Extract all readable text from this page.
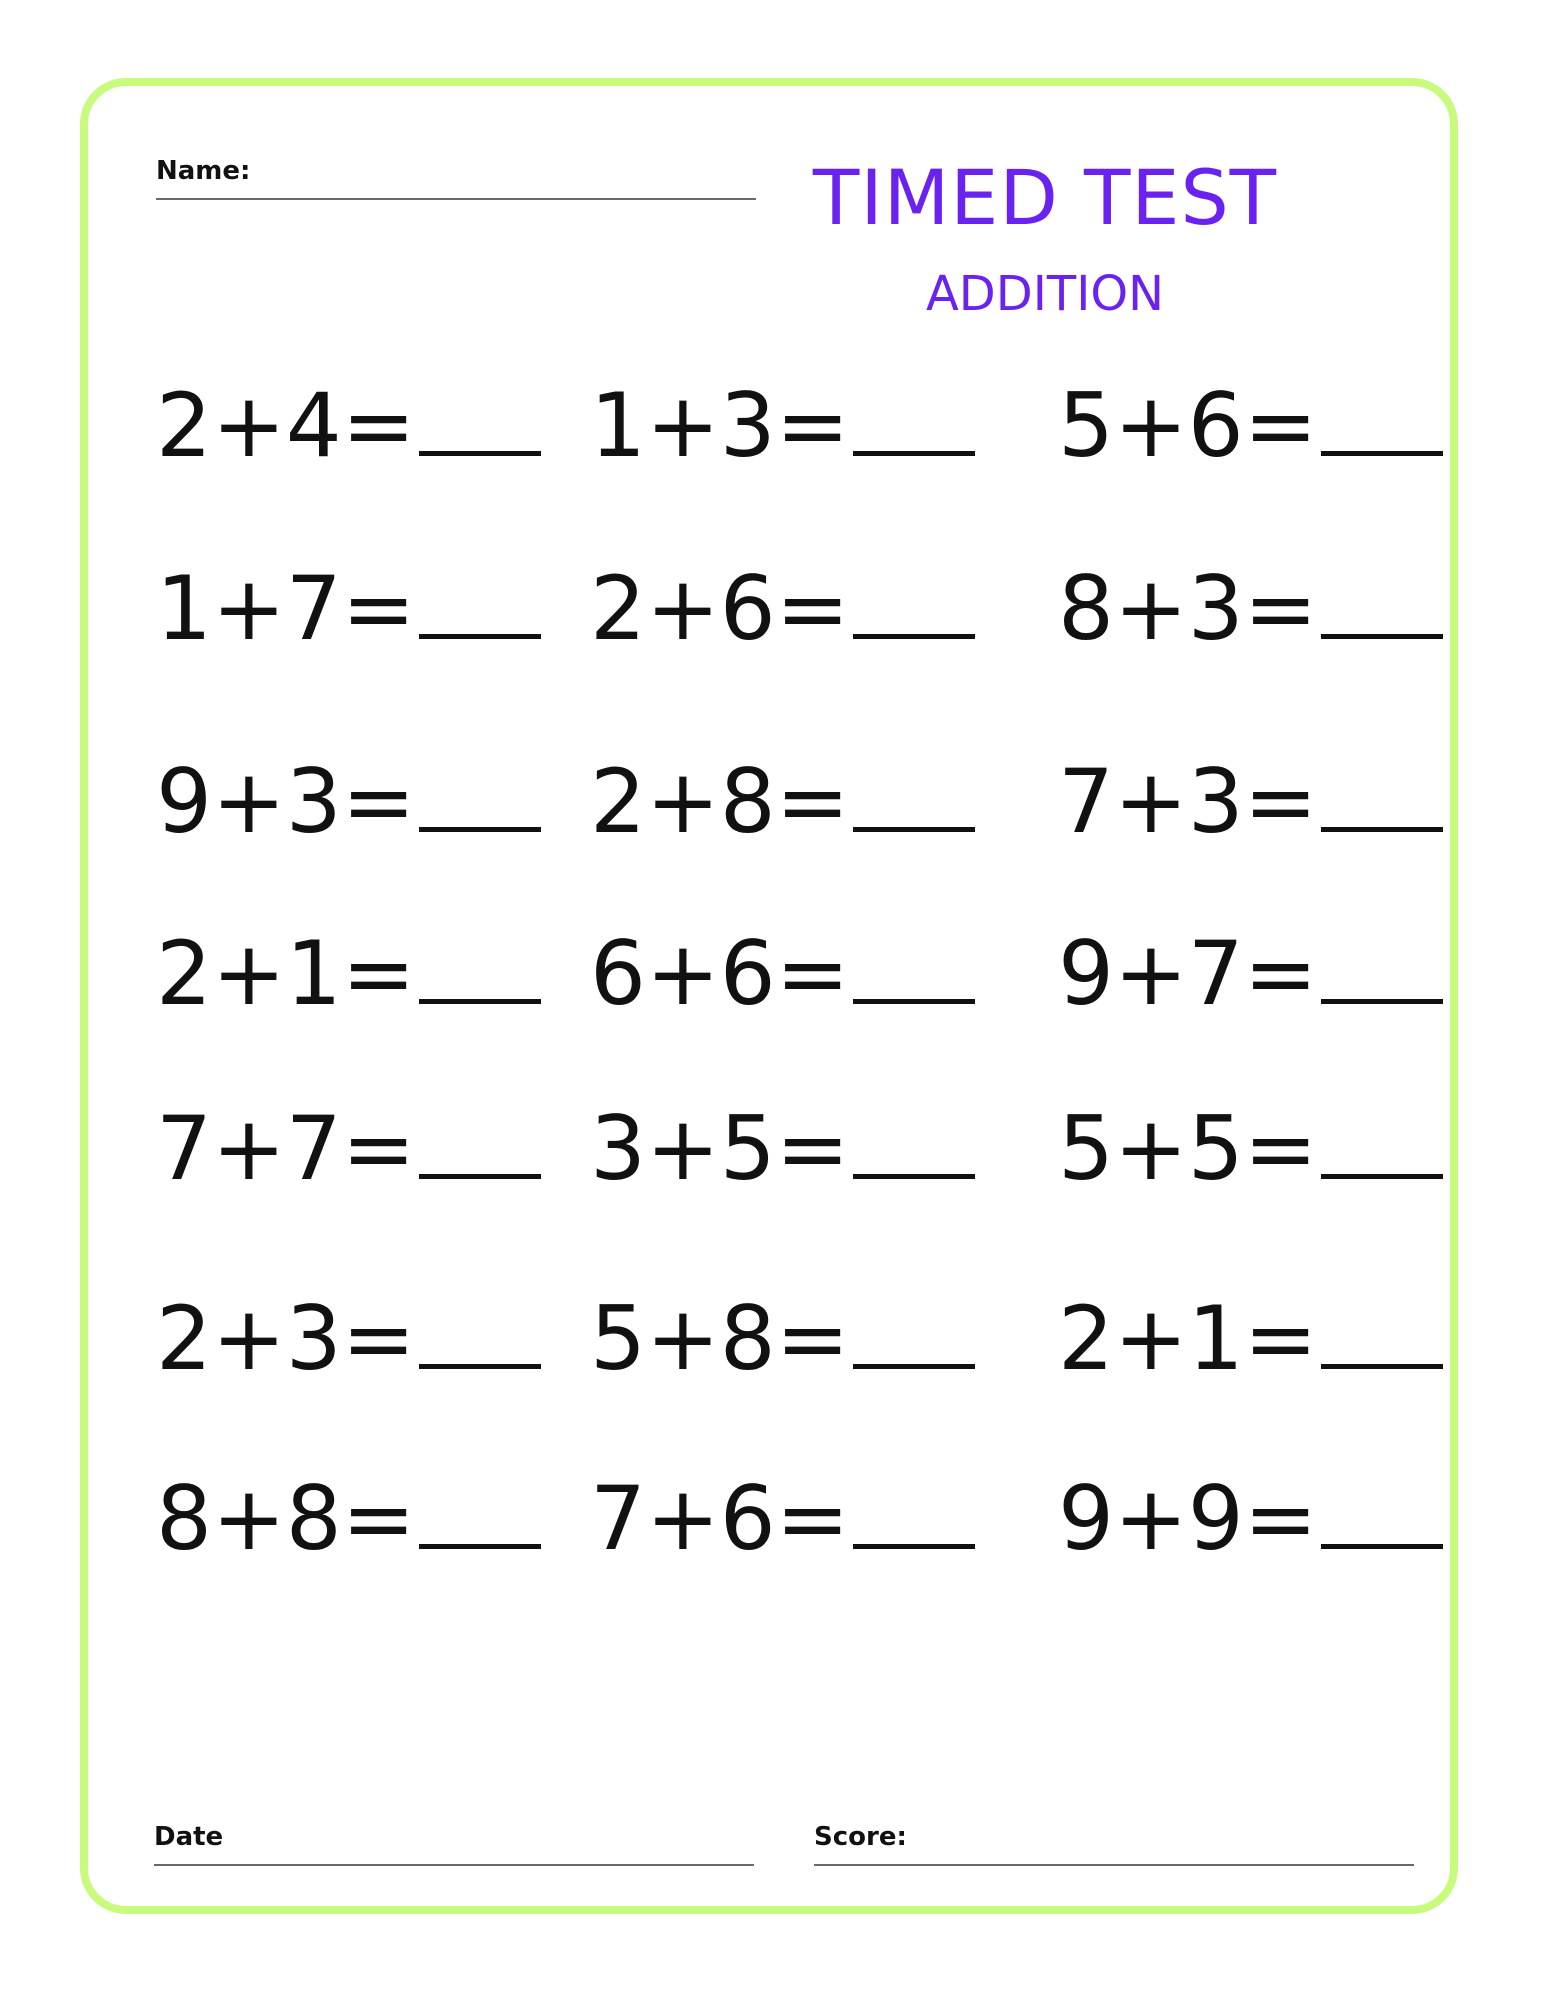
Name:	TIMED TEST
ADDITION
2+4= 1+3= 5+6=
1+7= 2+6= 8+3=
9+3= 2+8= 7+3=
2+1= 6+6= 9+7=
7+7= 3+5= 5+5=
2+3= 5+8= 2+1=
8+8= 7+6= 9+9=
Date	Score:
